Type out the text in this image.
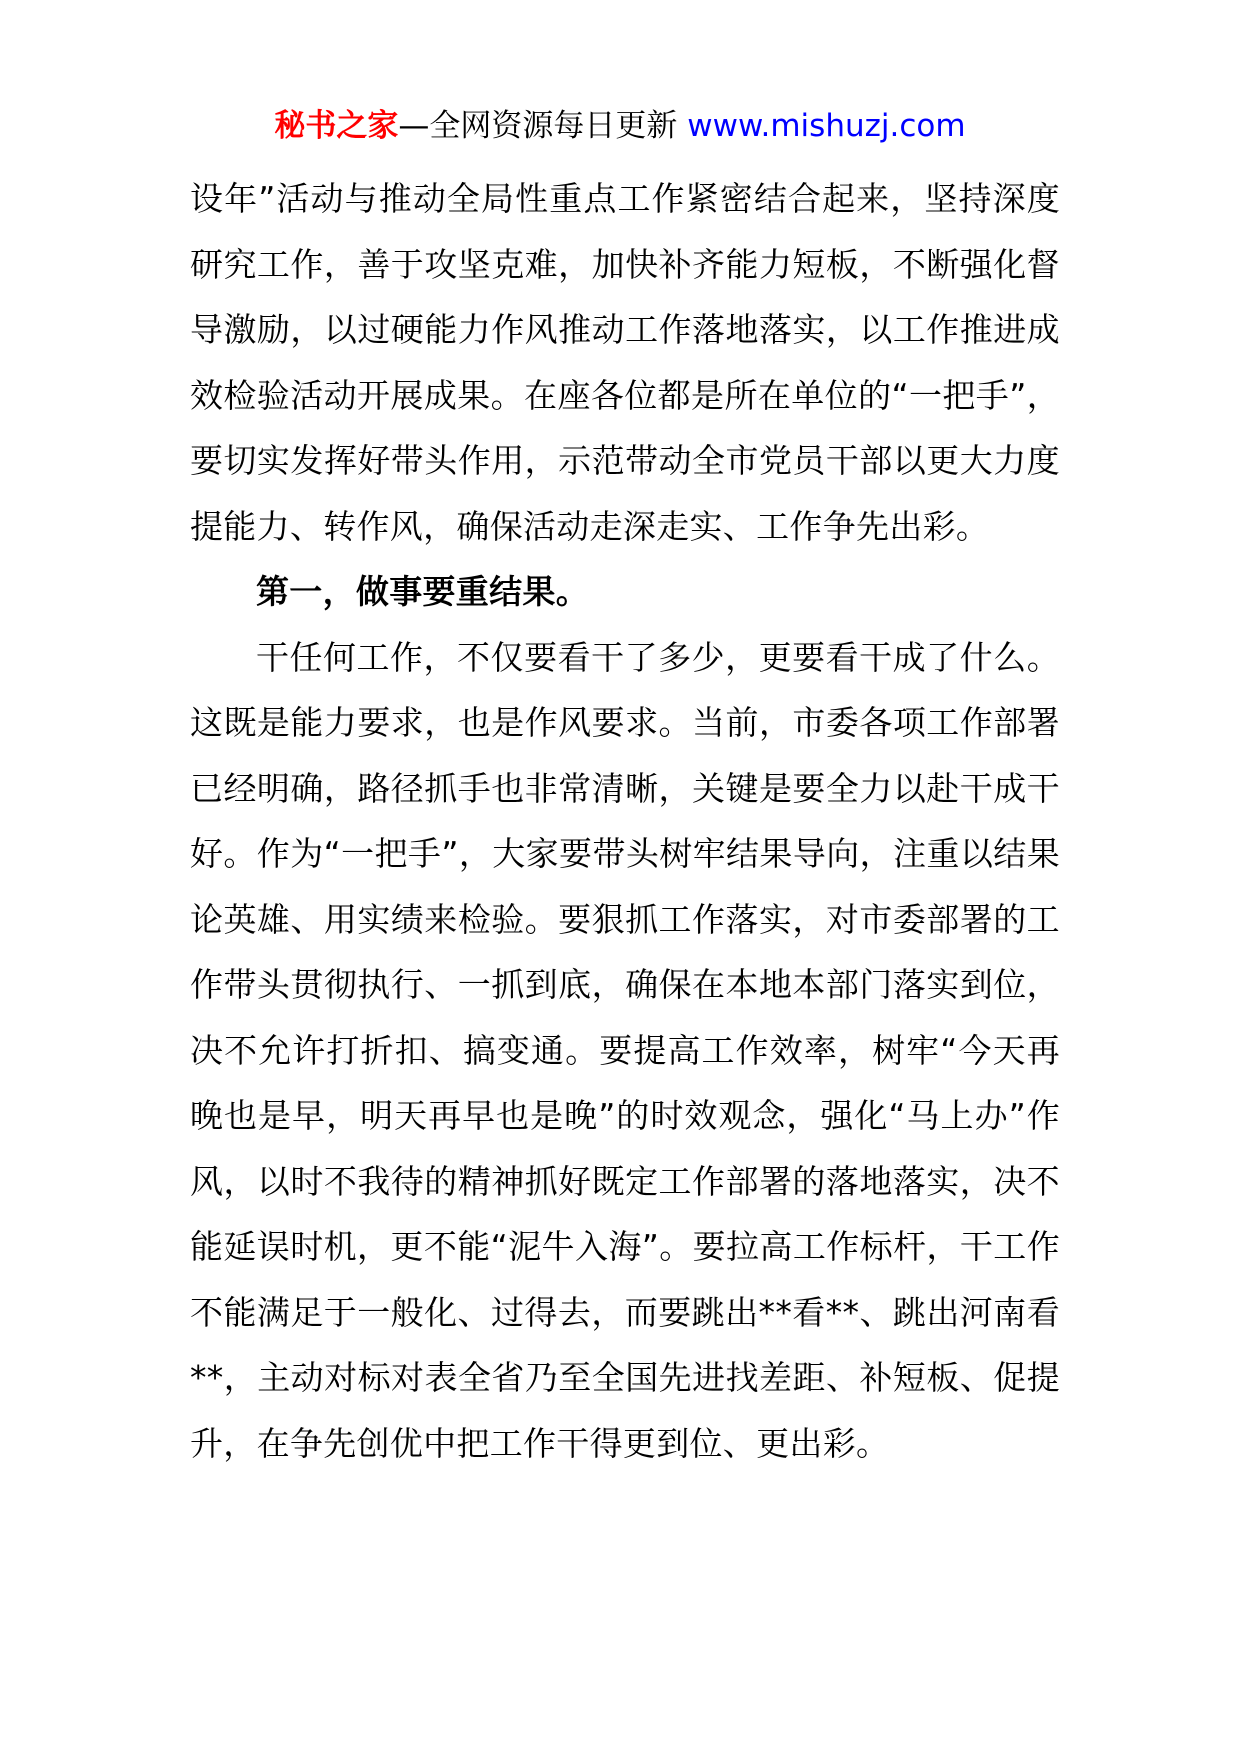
秘书之家—全网资源每日更新 www.mishuzj.com

设年”活动与推动全局性重点工作紧密结合起来，坚持深度研究工作，善于攻坚克难，加快补齐能力短板，不断强化督导激励，以过硬能力作风推动工作落地落实，以工作推进成效检验活动开展成果。在座各位都是所在单位的“一把手”，要切实发挥好带头作用，示范带动全市党员干部以更大力度提能力、转作风，确保活动走深走实、工作争先出彩。

第一，做事要重结果。

干任何工作，不仅要看干了多少，更要看干成了什么。这既是能力要求，也是作风要求。当前，市委各项工作部署已经明确，路径抓手也非常清晰，关键是要全力以赴干成干好。作为“一把手”，大家要带头树牢结果导向，注重以结果论英雄、用实绩来检验。要狠抓工作落实，对市委部署的工作带头贯彻执行、一抓到底，确保在本地本部门落实到位，决不允许打折扣、搞变通。要提高工作效率，树牢“今天再晚也是早，明天再早也是晚”的时效观念，强化“马上办”作风，以时不我待的精神抓好既定工作部署的落地落实，决不能延误时机，更不能“泥牛入海”。要拉高工作标杆，干工作不能满足于一般化、过得去，而要跳出**看**、跳出河南看**，主动对标对表全省乃至全国先进找差距、补短板、促提升，在争先创优中把工作干得更到位、更出彩。
